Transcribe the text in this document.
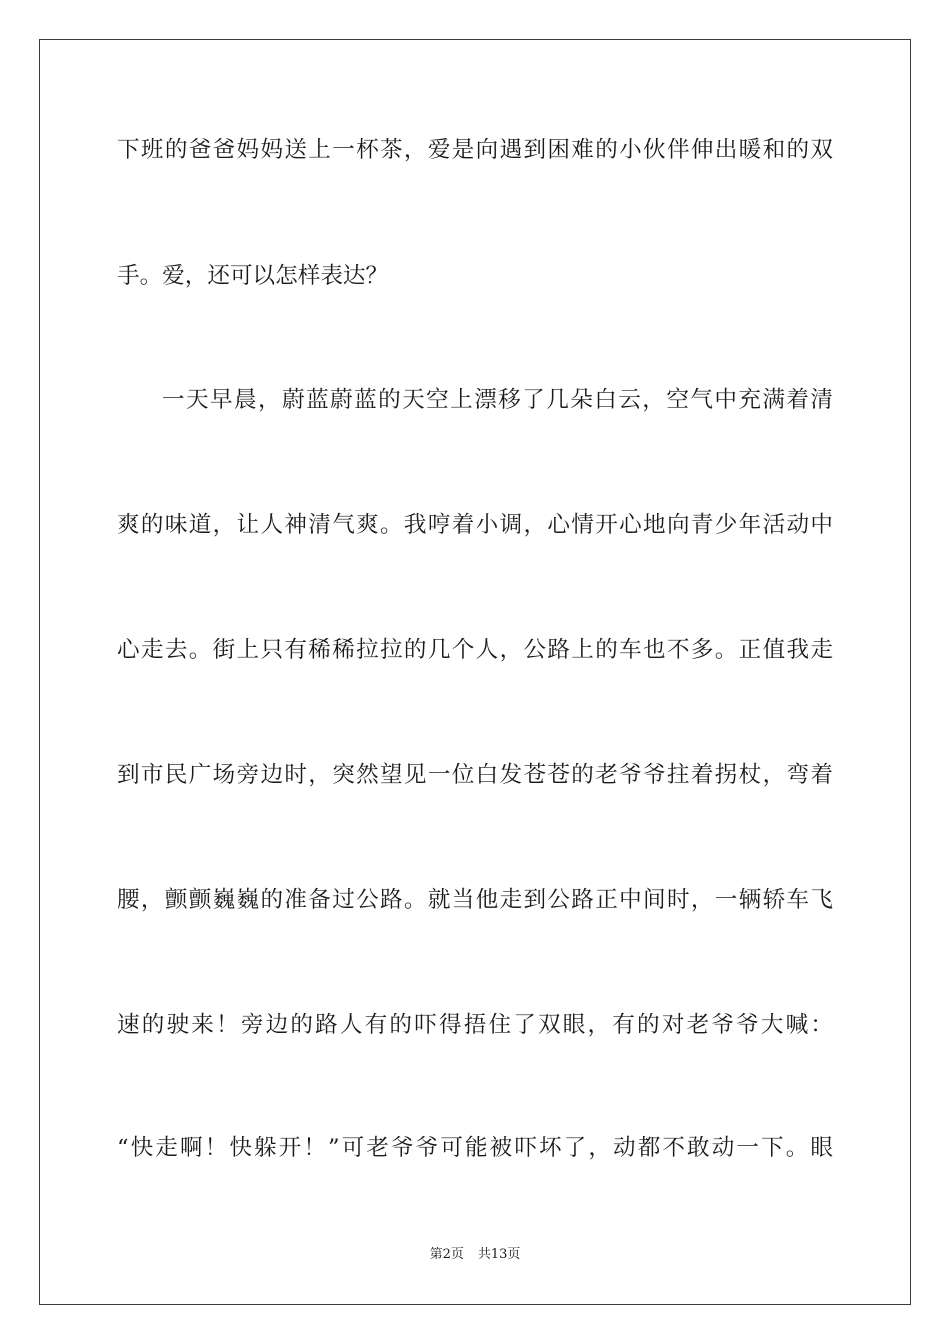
下班的爸爸妈妈送上一杯茶，爱是向遇到困难的小伙伴伸出暖和的双
手。爱，还可以怎样表达？
一天早晨，蔚蓝蔚蓝的天空上漂移了几朵白云，空气中充满着清
爽的味道，让人神清气爽。我哼着小调，心情开心地向青少年活动中
心走去。街上只有稀稀拉拉的几个人，公路上的车也不多。正值我走
到市民广场旁边时，突然望见一位白发苍苍的老爷爷拄着拐杖，弯着
腰，颤颤巍巍的准备过公路。就当他走到公路正中间时，一辆轿车飞
速的驶来！旁边的路人有的吓得捂住了双眼，有的对老爷爷大喊：
“快走啊！快躲开！”可老爷爷可能被吓坏了，动都不敢动一下。眼
第2页 共13页
